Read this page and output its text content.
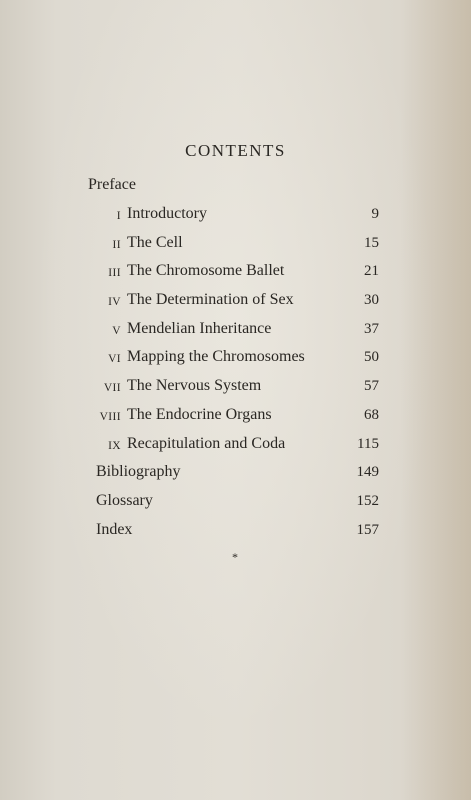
CONTENTS
Preface
I Introductory	9
II The Cell	15
III The Chromosome Ballet	21
IV The Determination of Sex	30
V Mendelian Inheritance	37
VI Mapping the Chromosomes	50
VII The Nervous System	57
VIII The Endocrine Organs	68
IX Recapitulation and Coda	115
Bibliography	149
Glossary	152
Index	157
*
